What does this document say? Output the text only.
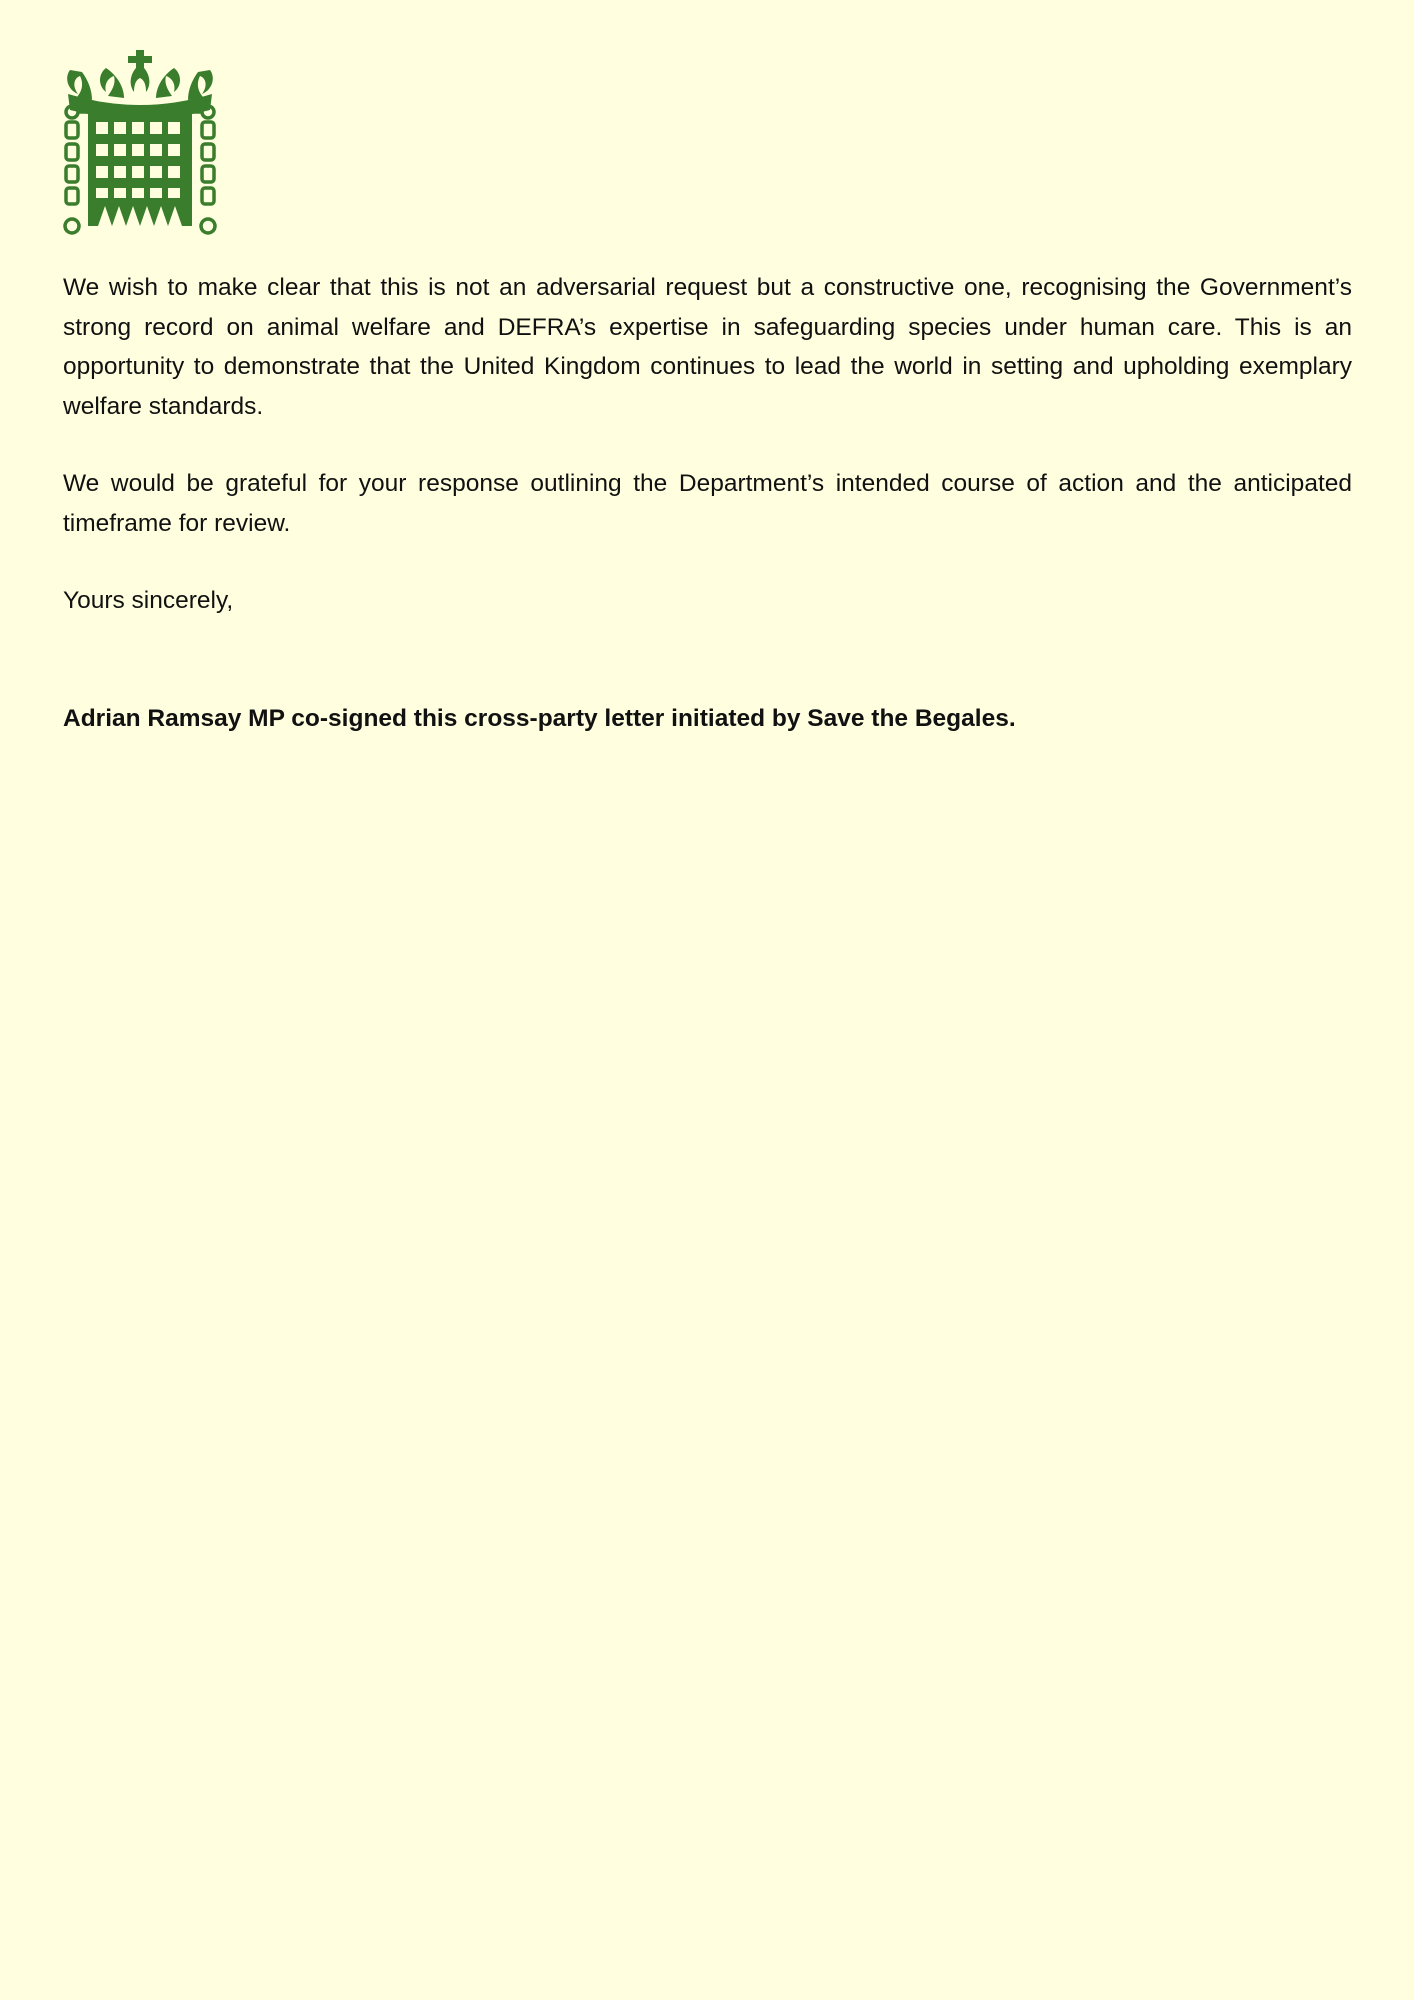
We wish to make clear that this is not an adversarial request but a constructive one, recognising the Government’s strong record on animal welfare and DEFRA’s expertise in safeguarding species under human care. This is an opportunity to demonstrate that the United Kingdom continues to lead the world in setting and upholding exemplary welfare standards.

We would be grateful for your response outlining the Department’s intended course of action and the anticipated timeframe for review.

Yours sincerely,

Adrian Ramsay MP co-signed this cross-party letter initiated by Save the Begales.
